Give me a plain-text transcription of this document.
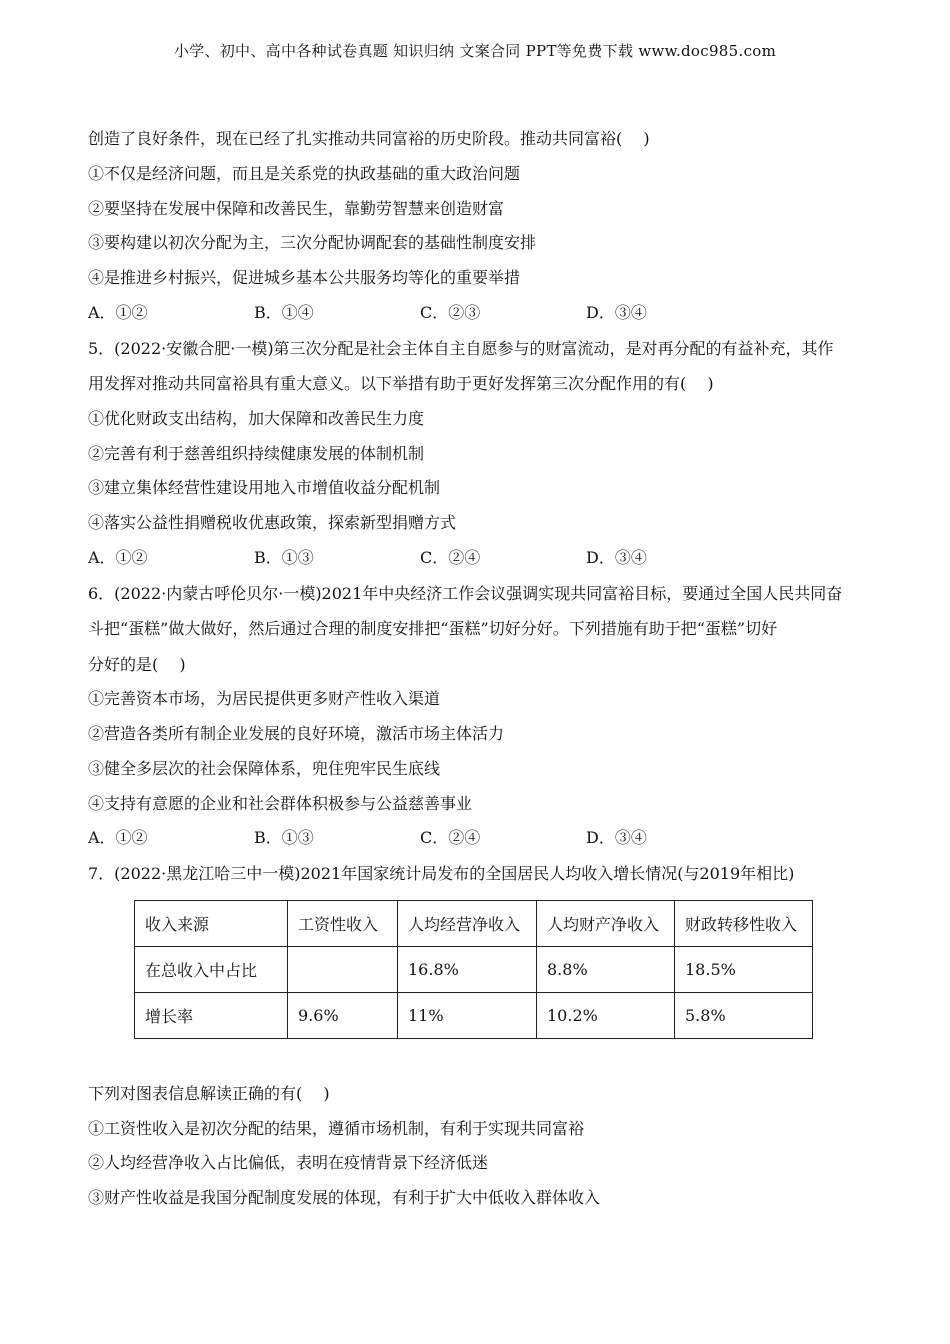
小学、初中、高中各种试卷真题 知识归纳 文案合同 PPT等免费下载 www.doc985.com
创造了良好条件，现在已经了扎实推动共同富裕的历史阶段。推动共同富裕(　 )
①不仅是经济问题，而且是关系党的执政基础的重大政治问题
②要坚持在发展中保障和改善民生，靠勤劳智慧来创造财富
③要构建以初次分配为主，三次分配协调配套的基础性制度安排
④是推进乡村振兴，促进城乡基本公共服务均等化的重要举措
A．①②	B．①④	C．②③	D．③④
5．(2022·安徽合肥·一模)第三次分配是社会主体自主自愿参与的财富流动，是对再分配的有益补充，其作
用发挥对推动共同富裕具有重大意义。以下举措有助于更好发挥第三次分配作用的有(　 )
①优化财政支出结构，加大保障和改善民生力度
②完善有利于慈善组织持续健康发展的体制机制
③建立集体经营性建设用地入市增值收益分配机制
④落实公益性捐赠税收优惠政策，探索新型捐赠方式
A．①②	B．①③	C．②④	D．③④
6．(2022·内蒙古呼伦贝尔·一模)2021年中央经济工作会议强调实现共同富裕目标，要通过全国人民共同奋
斗把“蛋糕”做大做好，然后通过合理的制度安排把“蛋糕”切好分好。下列措施有助于把“蛋糕”切好
分好的是(　 )
①完善资本市场，为居民提供更多财产性收入渠道
②营造各类所有制企业发展的良好环境，激活市场主体活力
③健全多层次的社会保障体系，兜住兜牢民生底线
④支持有意愿的企业和社会群体积极参与公益慈善事业
A．①②	B．①③	C．②④	D．③④
7．(2022·黑龙江哈三中一模)2021年国家统计局发布的全国居民人均收入增长情况(与2019年相比)
收入来源	工资性收入	人均经营净收入	人均财产净收入	财政转移性收入
在总收入中占比		16.8%	8.8%	18.5%
增长率	9.6%	11%	10.2%	5.8%
下列对图表信息解读正确的有(　 )
①工资性收入是初次分配的结果，遵循市场机制，有利于实现共同富裕
②人均经营净收入占比偏低，表明在疫情背景下经济低迷
③财产性收益是我国分配制度发展的体现，有利于扩大中低收入群体收入
